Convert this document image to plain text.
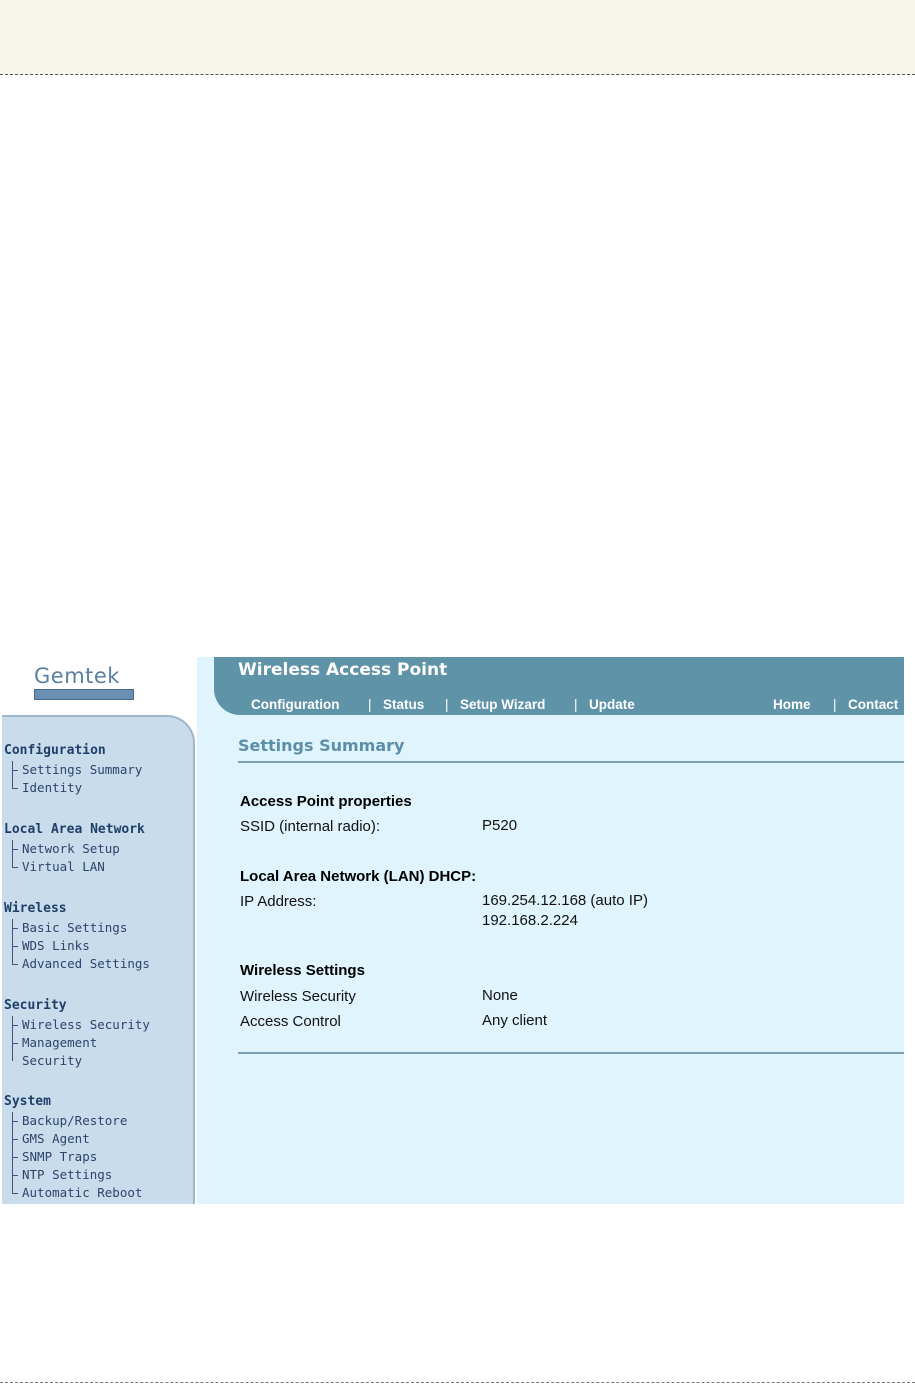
Gemtek
Configuration
Settings Summary
Identity
Local Area Network
Network Setup
Virtual LAN
Wireless
Basic Settings
WDS Links
Advanced Settings
Security
Wireless Security
Management Security
System
Backup/Restore
GMS Agent
SNMP Traps
NTP Settings
Automatic Reboot
Wireless Access Point
Configuration | Status | Setup Wizard | Update	Home | Contact
Settings Summary
Access Point properties
SSID (internal radio):	P520
Local Area Network (LAN) DHCP:
IP Address:	169.254.12.168 (auto IP)
192.168.2.224
Wireless Settings
Wireless Security	None
Access Control	Any client
